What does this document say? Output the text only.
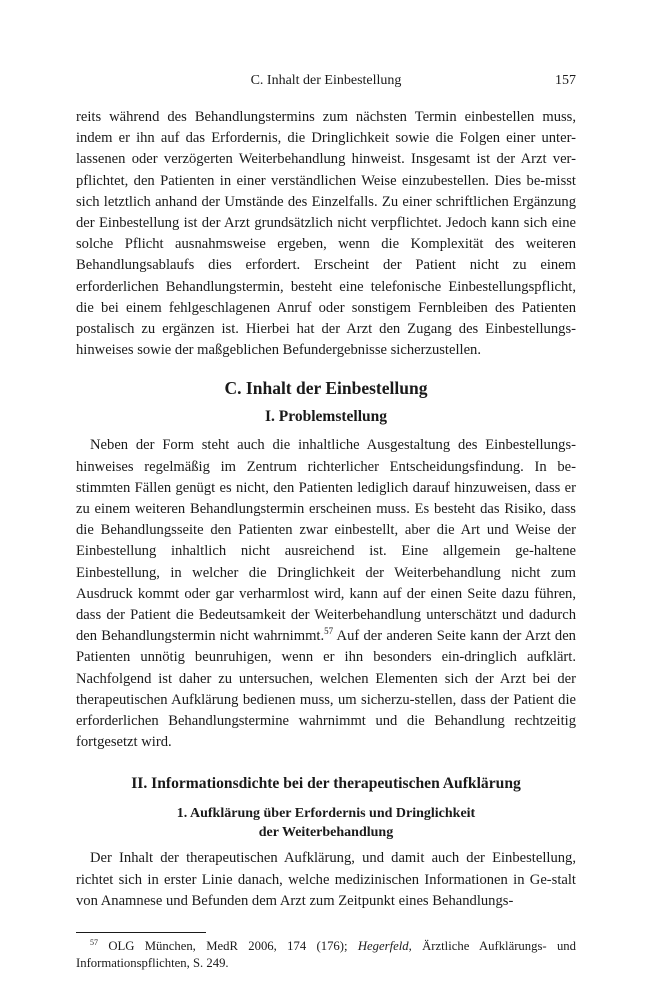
C. Inhalt der Einbestellung	157

reits während des Behandlungstermins zum nächsten Termin einbestellen muss, indem er ihn auf das Erfordernis, die Dringlichkeit sowie die Folgen einer unter-lassenen oder verzögerten Weiterbehandlung hinweist. Insgesamt ist der Arzt ver-pflichtet, den Patienten in einer verständlichen Weise einzubestellen. Dies be-misst sich letztlich anhand der Umstände des Einzelfalls. Zu einer schriftlichen Ergänzung der Einbestellung ist der Arzt grundsätzlich nicht verpflichtet. Jedoch kann sich eine solche Pflicht ausnahmsweise ergeben, wenn die Komplexität des weiteren Behandlungsablaufs dies erfordert. Erscheint der Patient nicht zu einem erforderlichen Behandlungstermin, besteht eine telefonische Einbestellungspflicht, die bei einem fehlgeschlagenen Anruf oder sonstigem Fernbleiben des Patienten postalisch zu ergänzen ist. Hierbei hat der Arzt den Zugang des Einbestellungs-hinweises sowie der maßgeblichen Befundergebnisse sicherzustellen.

C. Inhalt der Einbestellung
I. Problemstellung

Neben der Form steht auch die inhaltliche Ausgestaltung des Einbestellungs-hinweises regelmäßig im Zentrum richterlicher Entscheidungsfindung. In be-stimmten Fällen genügt es nicht, den Patienten lediglich darauf hinzuweisen, dass er zu einem weiteren Behandlungstermin erscheinen muss. Es besteht das Risiko, dass die Behandlungsseite den Patienten zwar einbestellt, aber die Art und Weise der Einbestellung inhaltlich nicht ausreichend ist. Eine allgemein ge-haltene Einbestellung, in welcher die Dringlichkeit der Weiterbehandlung nicht zum Ausdruck kommt oder gar verharmlost wird, kann auf der einen Seite dazu führen, dass der Patient die Bedeutsamkeit der Weiterbehandlung unterschätzt und dadurch den Behandlungstermin nicht wahrnimmt.$^{57}$ Auf der anderen Seite kann der Arzt den Patienten unnötig beunruhigen, wenn er ihn besonders ein-dringlich aufklärt. Nachfolgend ist daher zu untersuchen, welchen Elementen sich der Arzt bei der therapeutischen Aufklärung bedienen muss, um sicherzu-stellen, dass der Patient die erforderlichen Behandlungstermine wahrnimmt und die Behandlung rechtzeitig fortgesetzt wird.

II. Informationsdichte bei der therapeutischen Aufklärung
1. Aufklärung über Erfordernis und Dringlichkeit
der Weiterbehandlung

Der Inhalt der therapeutischen Aufklärung, und damit auch der Einbestellung, richtet sich in erster Linie danach, welche medizinischen Informationen in Ge-stalt von Anamnese und Befunden dem Arzt zum Zeitpunkt eines Behandlungs-

$^{57}$ OLG München, MedR 2006, 174 (176); Hegerfeld, Ärztliche Aufklärungs- und Informationspflichten, S. 249.
